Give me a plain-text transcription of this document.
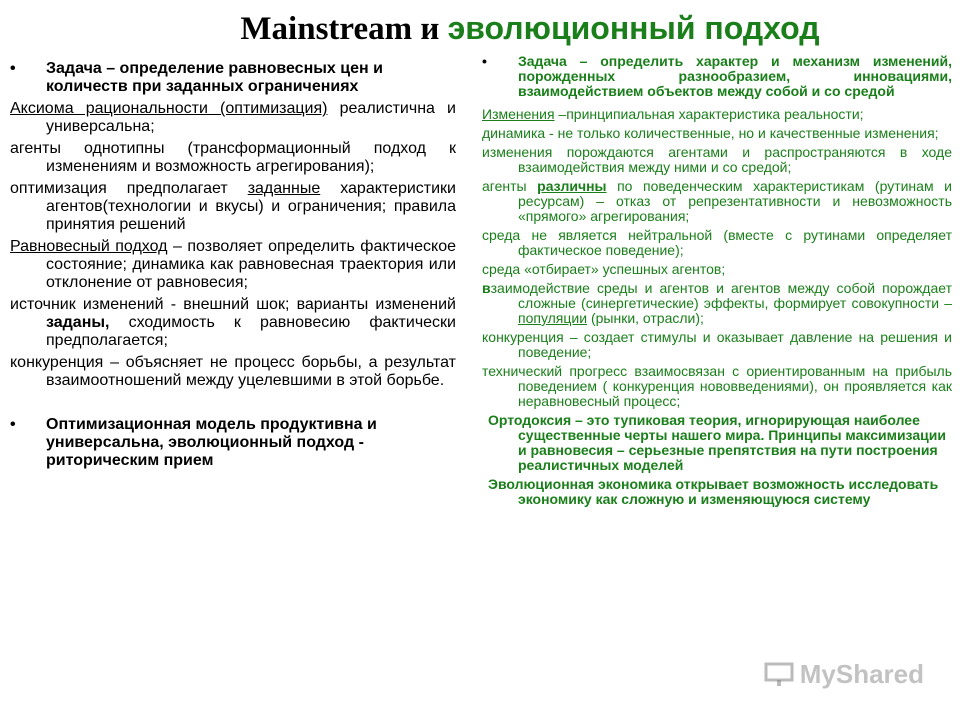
Mainstream и эволюционный подход
• Задача – определение равновесных цен и количеств при заданных ограничениях

Аксиома рациональности (оптимизация) реалистична и универсальна;

агенты однотипны (трансформационный подход к изменениям и возможность агрегирования);

оптимизация предполагает заданные характеристики агентов(технологии и вкусы) и ограничения; правила принятия решений

Равновесный подход – позволяет определить фактическое состояние; динамика как равновесная траектория или отклонение от равновесия;

источник изменений - внешний шок; варианты изменений заданы, сходимость к равновесию фактически предполагается;

конкуренция – объясняет не процесс борьбы, а результат взаимоотношений между уцелевшими в этой борьбе.

• Оптимизационная модель продуктивна и универсальна, эволюционный подход - риторическим прием
• Задача – определить характер и механизм изменений, порожденных разнообразием, инновациями, взаимодействием объектов между собой и со средой

Изменения –принципиальная характеристика реальности;

динамика - не только количественные, но и качественные изменения;

изменения порождаются агентами и распространяются в ходе взаимодействия между ними и со средой;

агенты различны по поведенческим характеристикам (рутинам и ресурсам) – отказ от репрезентативности и невозможность «прямого» агрегирования;

среда не является нейтральной (вместе с рутинами определяет фактическое поведение);

среда «отбирает» успешных агентов;

взаимодействие среды и агентов и агентов между собой порождает сложные (синергетические) эффекты, формирует совокупности – популяции (рынки, отрасли);

конкуренция – создает стимулы и оказывает давление на решения и поведение;

технический прогресс взаимосвязан с ориентированным на прибыль поведением ( конкуренция нововведениями), он проявляется как неравновесный процесс;

Ортодоксия – это тупиковая теория, игнорирующая наиболее существенные черты нашего мира. Принципы максимизации и равновесия – серьезные препятствия на пути построения реалистичных моделей

Эволюционная экономика открывает возможность исследовать экономику как сложную и изменяющуюся систему

MyShared
